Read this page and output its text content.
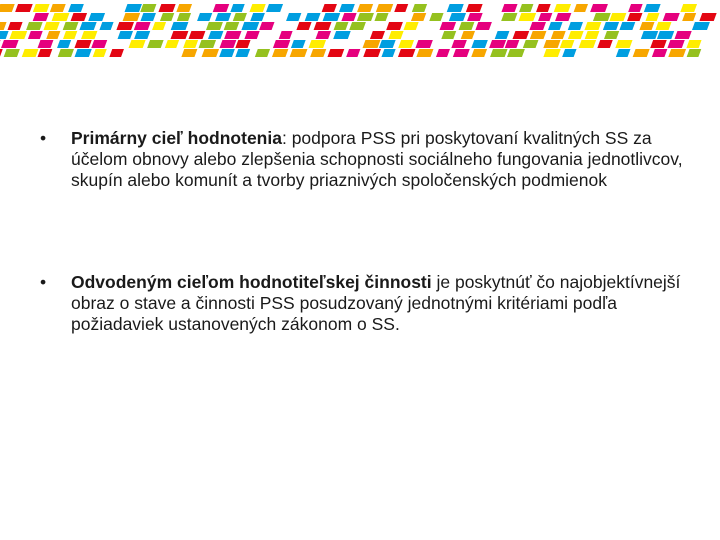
•	Primárny cieľ hodnotenia: podpora PSS pri poskytovaní kvalitných SS za účelom obnovy alebo zlepšenia schopnosti sociálneho fungovania jednotlivcov, skupín alebo komunít a tvorby priaznivých spoločenských podmienok
•	Odvodeným cieľom hodnotiteľskej činnosti je poskytnúť čo najobjektívnejší obraz o stave a činnosti PSS posudzovaný jednotnými kritériami podľa požiadaviek ustanovených zákonom o SS.
